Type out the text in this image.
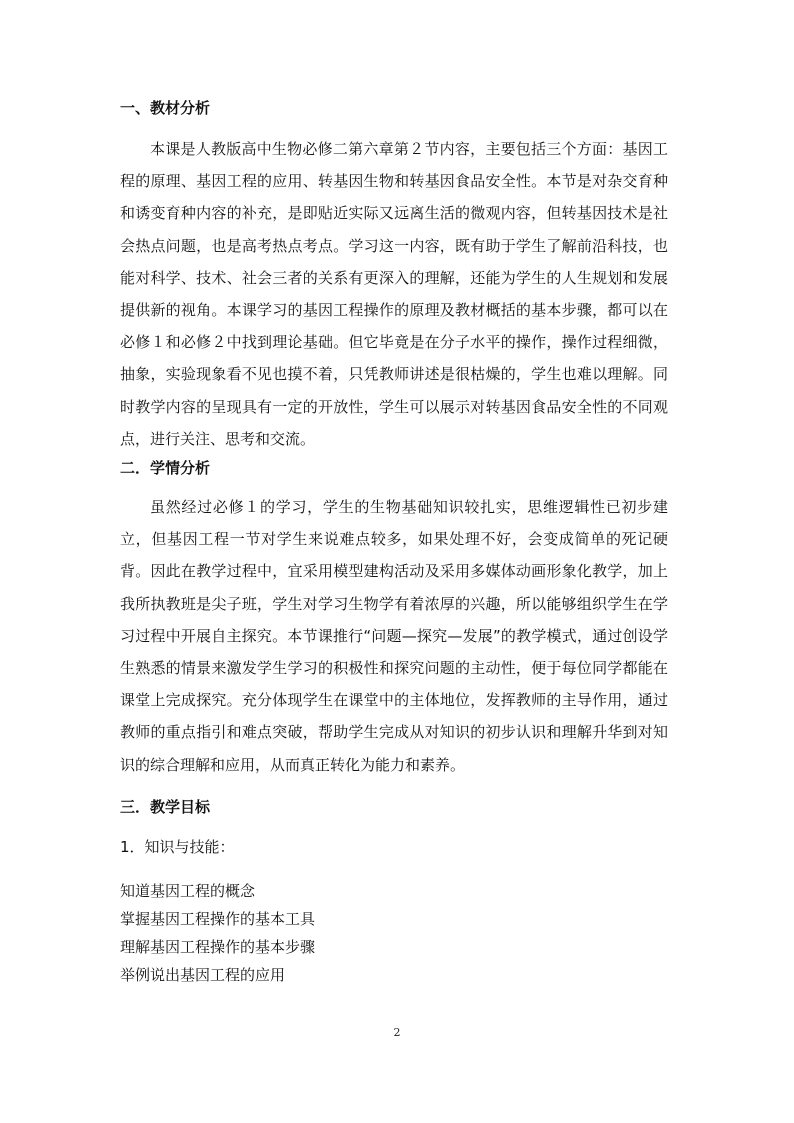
一、教材分析

本课是人教版高中生物必修二第六章第２节内容，主要包括三个方面：基因工程的原理、基因工程的应用、转基因生物和转基因食品安全性。本节是对杂交育种和诱变育种内容的补充，是即贴近实际又远离生活的微观内容，但转基因技术是社会热点问题，也是高考热点考点。学习这一内容，既有助于学生了解前沿科技，也能对科学、技术、社会三者的关系有更深入的理解，还能为学生的人生规划和发展提供新的视角。本课学习的基因工程操作的原理及教材概括的基本步骤，都可以在必修１和必修２中找到理论基础。但它毕竟是在分子水平的操作，操作过程细微，抽象，实验现象看不见也摸不着，只凭教师讲述是很枯燥的，学生也难以理解。同时教学内容的呈现具有一定的开放性，学生可以展示对转基因食品安全性的不同观点，进行关注、思考和交流。

二．学情分析

虽然经过必修１的学习，学生的生物基础知识较扎实，思维逻辑性已初步建立，但基因工程一节对学生来说难点较多，如果处理不好，会变成简单的死记硬背。因此在教学过程中，宜采用模型建构活动及采用多媒体动画形象化教学，加上我所执教班是尖子班，学生对学习生物学有着浓厚的兴趣，所以能够组织学生在学习过程中开展自主探究。本节课推行“问题—探究—发展”的教学模式，通过创设学生熟悉的情景来激发学生学习的积极性和探究问题的主动性，便于每位同学都能在课堂上完成探究。充分体现学生在课堂中的主体地位，发挥教师的主导作用，通过教师的重点指引和难点突破，帮助学生完成从对知识的初步认识和理解升华到对知识的综合理解和应用，从而真正转化为能力和素养。

三．教学目标

1．知识与技能：

知道基因工程的概念
掌握基因工程操作的基本工具
理解基因工程操作的基本步骤
举例说出基因工程的应用
2
